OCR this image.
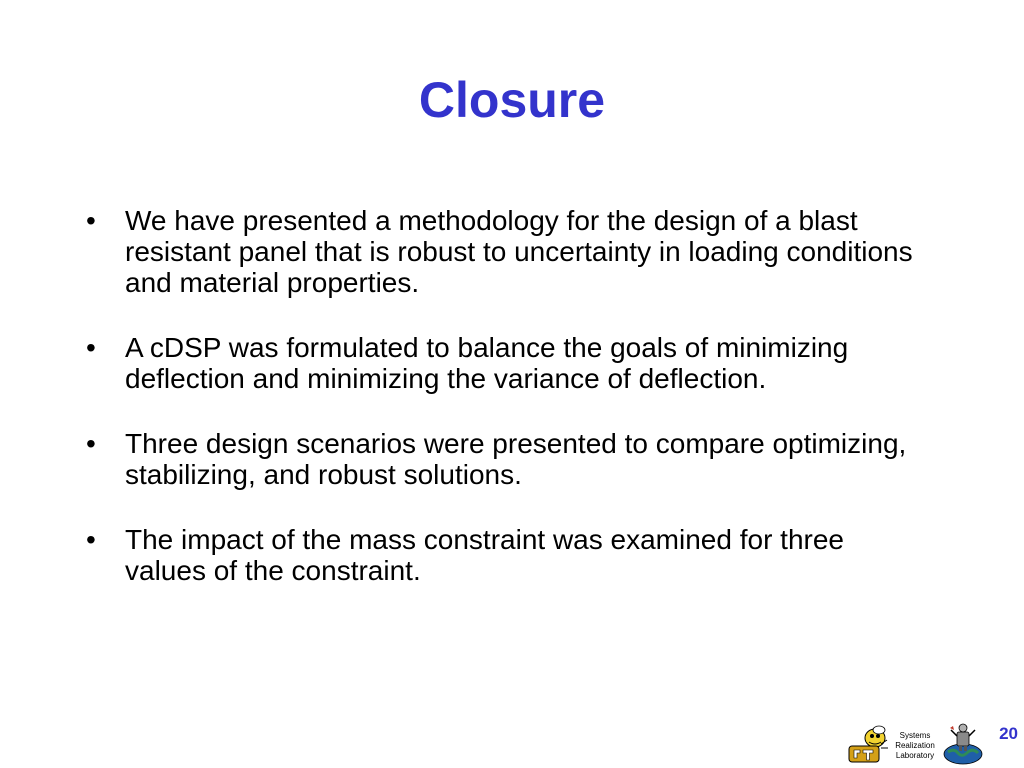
Closure
• We have presented a methodology for the design of a blast resistant panel that is robust to uncertainty in loading conditions and material properties.
• A cDSP was formulated to balance the goals of minimizing deflection and minimizing the variance of deflection.
• Three design scenarios were presented to compare optimizing, stabilizing, and robust solutions.
• The impact of the mass constraint was examined for three values of the constraint.
Systems
Realization
Laboratory
20
